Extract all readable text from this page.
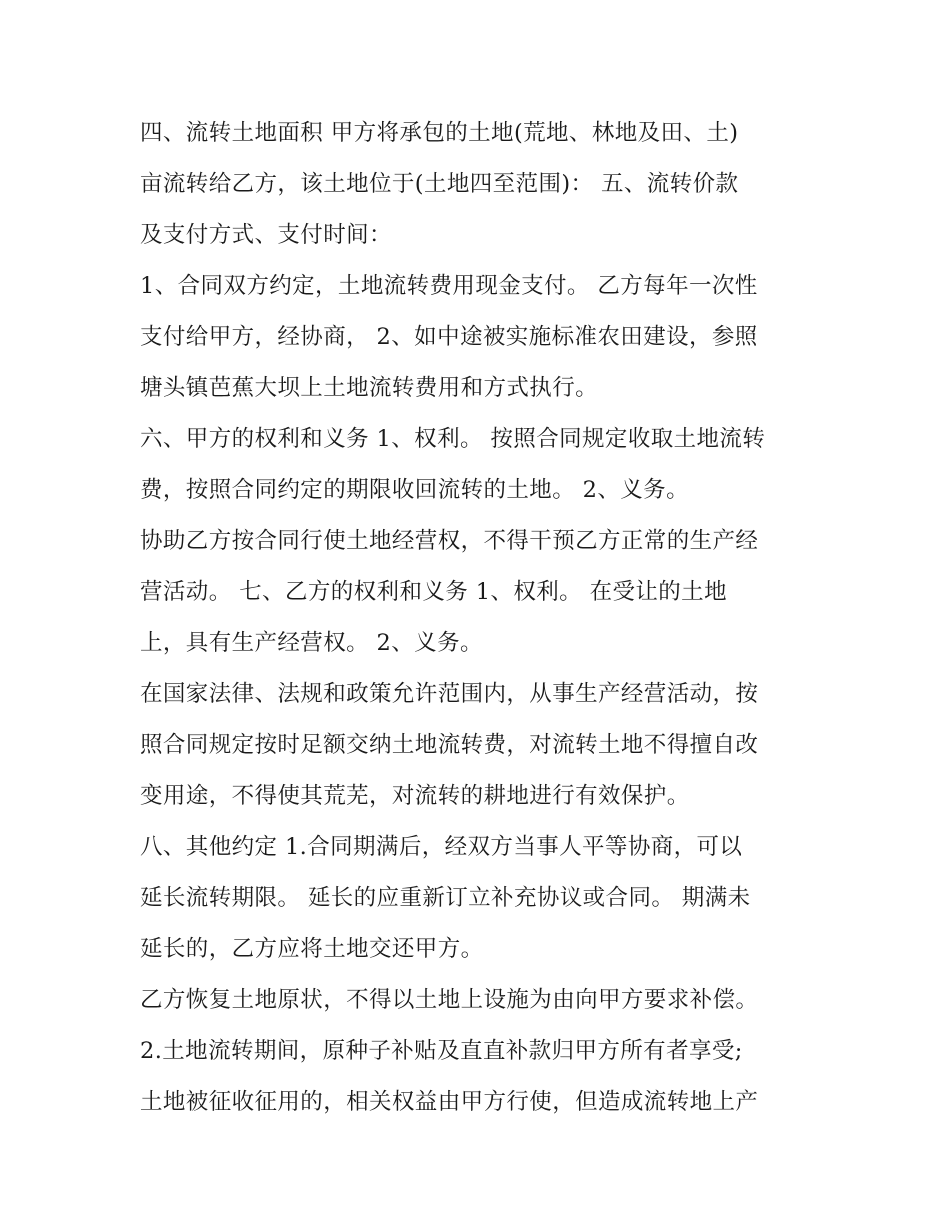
四、流转土地面积 甲方将承包的土地(荒地、林地及田、土)
亩流转给乙方，该土地位于(土地四至范围)： 五、流转价款
及支付方式、支付时间：
1、合同双方约定，土地流转费用现金支付。 乙方每年一次性
支付给甲方，经协商， 2、如中途被实施标准农田建设，参照
塘头镇芭蕉大坝上土地流转费用和方式执行。
六、甲方的权利和义务 1、权利。 按照合同规定收取土地流转
费，按照合同约定的期限收回流转的土地。 2、义务。
协助乙方按合同行使土地经营权，不得干预乙方正常的生产经
营活动。 七、乙方的权利和义务 1、权利。 在受让的土地
上，具有生产经营权。 2、义务。
在国家法律、法规和政策允许范围内，从事生产经营活动，按
照合同规定按时足额交纳土地流转费，对流转土地不得擅自改
变用途，不得使其荒芜，对流转的耕地进行有效保护。
八、其他约定 1.合同期满后，经双方当事人平等协商，可以
延长流转期限。 延长的应重新订立补充协议或合同。 期满未
延长的，乙方应将土地交还甲方。
乙方恢复土地原状，不得以土地上设施为由向甲方要求补偿。
2.土地流转期间，原种子补贴及直直补款归甲方所有者享受;
土地被征收征用的，相关权益由甲方行使，但造成流转地上产
